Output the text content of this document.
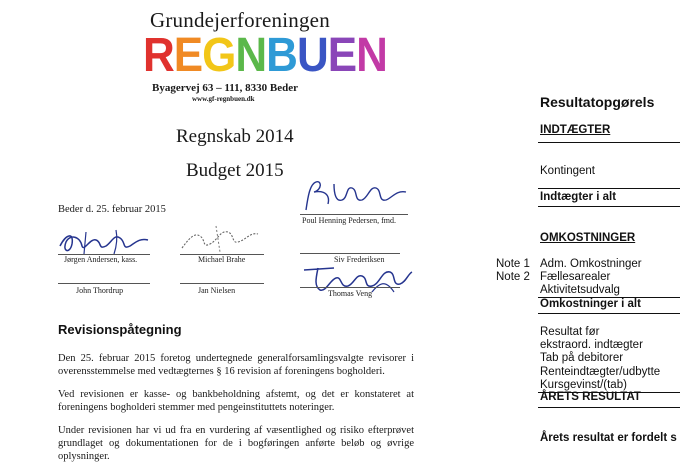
Grundejerforeningen
REGNBUEN
Byagervej 63 – 111, 8330 Beder
www.gf-regnbuen.dk
Regnskab 2014
Budget 2015
Beder d. 25. februar 2015
Jørgen Andersen, kass.	Michael Brahe
Poul Henning Pedersen, fmd.
Siv Frederiksen
John Thordrup	Jan Nielsen	Thomas Veng
Revisionspåtegning
Den 25. februar 2015 foretog undertegnede generalforsamlingsvalgte revisorer i overensstemmelse med vedtægternes § 16 revision af foreningens bogholderi.
Ved revisionen er kasse- og bankbeholdning afstemt, og det er konstateret at foreningens bogholderi stemmer med pengeinstituttets noteringer.
Under revisionen har vi ud fra en vurdering af væsentlighed og risiko efterprøvet grundlaget og dokumentationen for de i bogføringen anførte beløb og øvrige oplysninger.
Resultatopgørels
INDTÆGTER
Kontingent
Indtægter i alt
OMKOSTNINGER
Note 1 Adm. Omkostninger
Note 2 Fællesarealer
Aktivitetsudvalg
Omkostninger i alt
Resultat før
ekstraord. indtægter
Tab på debitorer
Renteindtægter/udbytte
Kursgevinst/(tab)
ÅRETS RESULTAT
Årets resultat er fordelt s
